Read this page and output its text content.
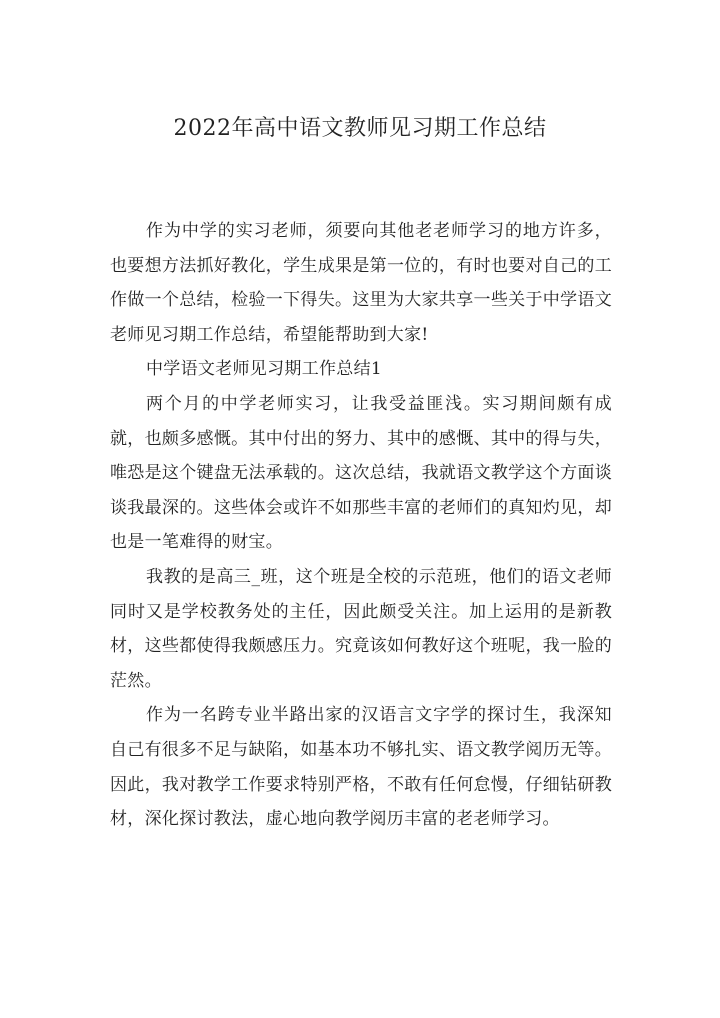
2022年高中语文教师见习期工作总结

作为中学的实习老师，须要向其他老老师学习的地方许多，也要想方法抓好教化，学生成果是第一位的，有时也要对自己的工作做一个总结，检验一下得失。这里为大家共享一些关于中学语文老师见习期工作总结，希望能帮助到大家!

中学语文老师见习期工作总结1

两个月的中学老师实习，让我受益匪浅。实习期间颇有成就，也颇多感慨。其中付出的努力、其中的感慨、其中的得与失，唯恐是这个键盘无法承载的。这次总结，我就语文教学这个方面谈谈我最深的。这些体会或许不如那些丰富的老师们的真知灼见，却也是一笔难得的财宝。

我教的是高三_班，这个班是全校的示范班，他们的语文老师同时又是学校教务处的主任，因此颇受关注。加上运用的是新教材，这些都使得我颇感压力。究竟该如何教好这个班呢，我一脸的茫然。

作为一名跨专业半路出家的汉语言文字学的探讨生，我深知自己有很多不足与缺陷，如基本功不够扎实、语文教学阅历无等。因此，我对教学工作要求特别严格，不敢有任何怠慢，仔细钻研教材，深化探讨教法，虚心地向教学阅历丰富的老老师学习。
